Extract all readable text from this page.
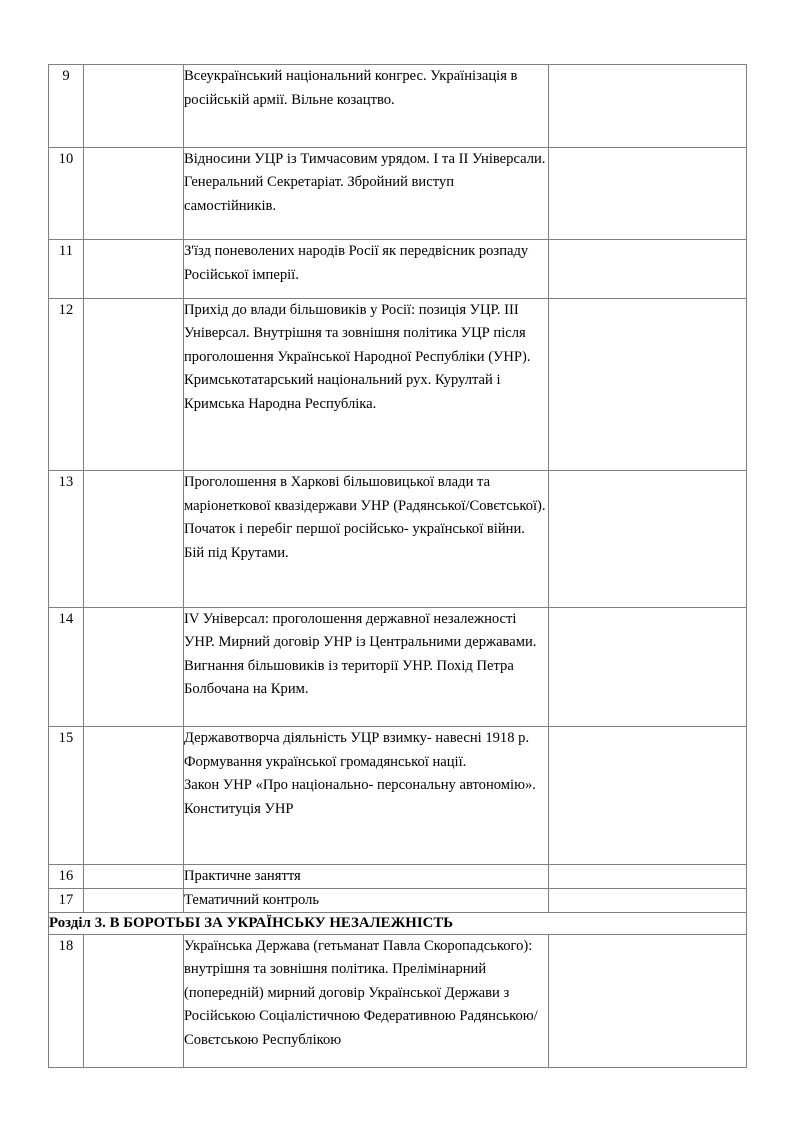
9		Всеукраїнський національний конгрес. Українізація в російській армії. Вільне козацтво.	

10		Відносини УЦР із Тимчасовим урядом. І та ІІ Універсали. Генеральний Секретаріат. Збройний виступ самостійників.	

11		З'їзд поневолених народів Росії як передвісник розпаду Російської імперії.	

12		Прихід до влади більшовиків у Росії: позиція УЦР. ІІІ Універсал. Внутрішня та зовнішня політика УЦР після проголошення Української Народної Республіки (УНР). Кримськотатарський національний рух. Курултай і Кримська Народна Республіка.	

13		Проголошення в Харкові більшовицької влади та маріонеткової квазідержави УНР (Радянської/Совєтської). Початок і перебіг першої російсько- української війни. Бій під Крутами.	

14		IV Універсал: проголошення державної незалежності УНР. Мирний договір УНР із Центральними державами. Вигнання більшовиків із території УНР. Похід Петра Болбочана на Крим.	

15		Державотворча діяльність УЦР взимку- навесні 1918 р. Формування української громадянської нації.

Закон УНР «Про національно- персональну автономію».

Конституція УНР	

16		Практичне заняття	

17		Тематичний контроль	

Розділ 3. В БОРОТЬБІ ЗА УКРАЇНСЬКУ НЕЗАЛЕЖНІСТЬ			
18		Українська Держава (гетьманат Павла Скоропадського): внутрішня та зовнішня політика. Прелімінарний (попередній) мирний договір Української Держави з Російською Соціалістичною Федеративною Радянською/Совєтською Республікою	
